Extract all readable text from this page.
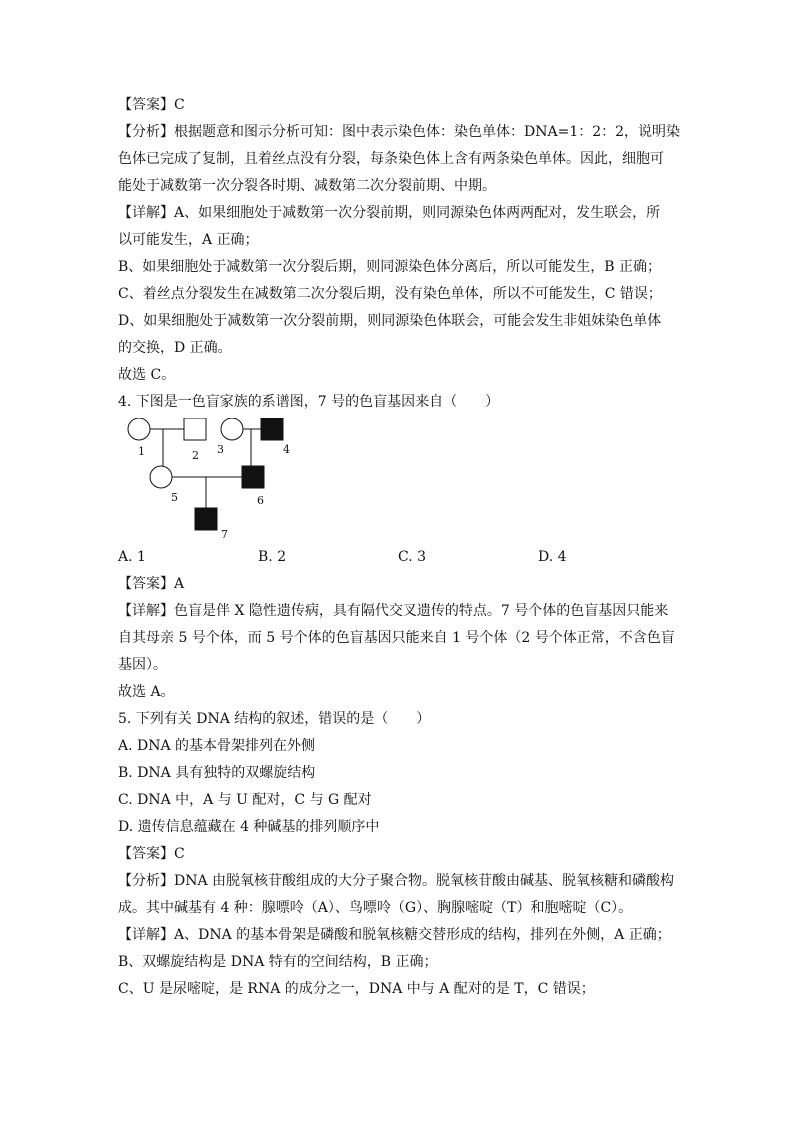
【答案】C
【分析】根据题意和图示分析可知：图中表示染色体：染色单体：DNA=1：2：2，说明染
色体已完成了复制，且着丝点没有分裂，每条染色体上含有两条染色单体。因此，细胞可
能处于减数第一次分裂各时期、减数第二次分裂前期、中期。
【详解】A、如果细胞处于减数第一次分裂前期，则同源染色体两两配对，发生联会，所
以可能发生，A 正确；
B、如果细胞处于减数第一次分裂后期，则同源染色体分离后，所以可能发生，B 正确；
C、着丝点分裂发生在减数第二次分裂后期，没有染色单体，所以不可能发生，C 错误；
D、如果细胞处于减数第一次分裂前期，则同源染色体联会，可能会发生非姐妹染色单体
的交换，D 正确。
故选 C。
4. 下图是一色盲家族的系谱图，7 号的色盲基因来自（　　）
1	2 3	4
5	6
7
A. 1	B. 2	C. 3	D. 4
【答案】A
【详解】色盲是伴 X 隐性遗传病，具有隔代交叉遗传的特点。7 号个体的色盲基因只能来
自其母亲 5 号个体，而 5 号个体的色盲基因只能来自 1 号个体（2 号个体正常，不含色盲
基因）。
故选 A。
5. 下列有关 DNA 结构的叙述，错误的是（　　）
A. DNA 的基本骨架排列在外侧
B. DNA 具有独特的双螺旋结构
C. DNA 中，A 与 U 配对，C 与 G 配对
D. 遗传信息蕴藏在 4 种碱基的排列顺序中
【答案】C
【分析】DNA 由脱氧核苷酸组成的大分子聚合物。脱氧核苷酸由碱基、脱氧核糖和磷酸构
成。其中碱基有 4 种：腺嘌呤（A）、鸟嘌呤（G）、胸腺嘧啶（T）和胞嘧啶（C）。
【详解】A、DNA 的基本骨架是磷酸和脱氧核糖交替形成的结构，排列在外侧，A 正确；
B、双螺旋结构是 DNA 特有的空间结构，B 正确；
C、U 是尿嘧啶，是 RNA 的成分之一，DNA 中与 A 配对的是 T，C 错误；
